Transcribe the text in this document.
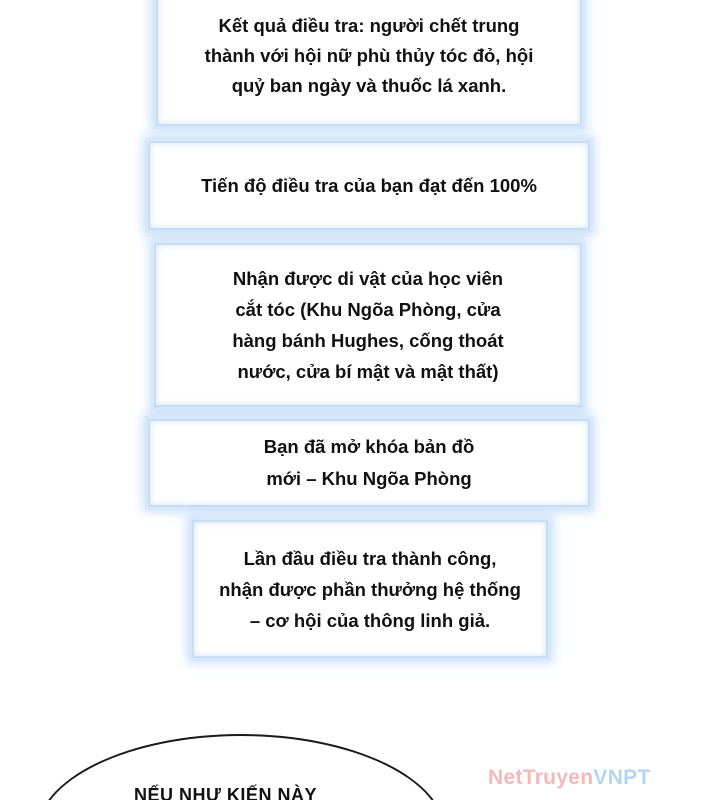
Kết quả điều tra: người chết trung
thành với hội nữ phù thủy tóc đỏ, hội
quỷ ban ngày và thuốc lá xanh.
Tiến độ điều tra của bạn đạt đến 100%
Nhận được di vật của học viên
cắt tóc (Khu Ngõa Phòng, cửa
hàng bánh Hughes, cống thoát
nước, cửa bí mật và mật thất)
Bạn đã mở khóa bản đồ
mới – Khu Ngõa Phòng
Lần đầu điều tra thành công,
nhận được phần thưởng hệ thống
– cơ hội của thông linh giả.
NẾU NHƯ KIẾN NÀY
NetTruyenVNPT
